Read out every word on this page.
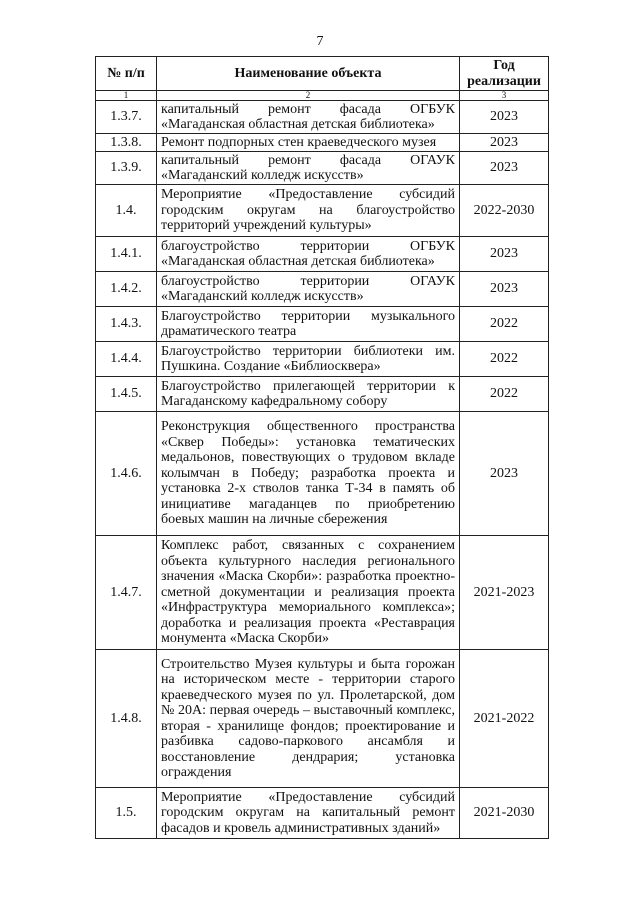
7
№ п/п	Наименование объекта	Год реализации
1	2	3
1.3.7.	капитальный ремонт фасада ОГБУК «Магаданская областная детская библиотека»	2023
1.3.8.	Ремонт подпорных стен краеведческого музея	2023
1.3.9.	капитальный ремонт фасада ОГАУК «Магаданский колледж искусств»	2023
1.4.	Мероприятие «Предоставление субсидий городским округам на благоустройство территорий учреждений культуры»	2022-2030
1.4.1.	благоустройство территории ОГБУК «Магаданская областная детская библиотека»	2023
1.4.2.	благоустройство территории ОГАУК «Магаданский колледж искусств»	2023
1.4.3.	Благоустройство территории музыкального драматического театра	2022
1.4.4.	Благоустройство территории библиотеки им. Пушкина. Создание «Библиосквера»	2022
1.4.5.	Благоустройство прилегающей территории к Магаданскому кафедральному собору	2022
1.4.6.	Реконструкция общественного пространства «Сквер Победы»: установка тематических медальонов, повествующих о трудовом вкладе колымчан в Победу; разработка проекта и установка 2-х стволов танка Т-34 в память об инициативе магаданцев по приобретению боевых машин на личные сбережения	2023
1.4.7.	Комплекс работ, связанных с сохранением объекта культурного наследия регионального значения «Маска Скорби»: разработка проектно-сметной документации и реализация проекта «Инфраструктура мемориального комплекса»; доработка и реализация проекта «Реставрация монумента «Маска Скорби»	2021-2023
1.4.8.	Строительство Музея культуры и быта горожан на историческом месте - территории старого краеведческого музея по ул. Пролетарской, дом № 20А: первая очередь – выставочный комплекс, вторая - хранилище фондов; проектирование и разбивка садово-паркового ансамбля и восстановление дендрария; установка ограждения	2021-2022
1.5.	Мероприятие «Предоставление субсидий городским округам на капитальный ремонт фасадов и кровель административных зданий»	2021-2030
